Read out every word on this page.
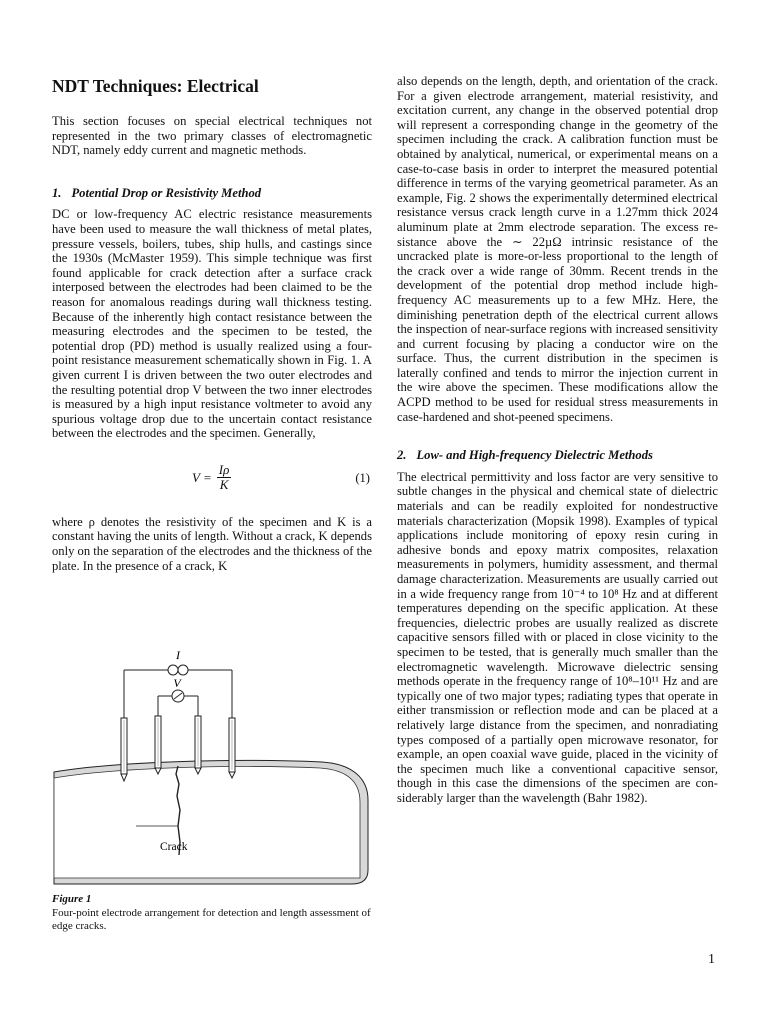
NDT Techniques: Electrical

This section focuses on special electrical techniques not represented in the two primary classes of electromagnetic NDT, namely eddy current and magnetic methods.

1. Potential Drop or Resistivity Method

DC or low-frequency AC electric resistance measurements have been used to measure the wall thickness of metal plates, pressure vessels, boilers, tubes, ship hulls, and castings since the 1930s (McMaster 1959). This simple technique was first found applicable for crack detection after a surface crack interposed between the electrodes had been claimed to be the reason for anomalous readings during wall thickness testing. Because of the inherently high contact resistance between the measuring electrodes and the specimen to be tested, the potential drop (PD) method is usually realized using a four-point resistance measurement schematically shown in Fig. 1. A given current I is driven between the two outer electrodes and the resulting potential drop V between the two inner electrodes is measured by a high input resistance voltmeter to avoid any spurious voltage drop due to the uncertain contact resistance between the electrodes and the specimen. Generally,

$V = \frac{I\rho}{K}$	(1)

where ρ denotes the resistivity of the specimen and K is a constant having the units of length. Without a crack, K depends only on the separation of the electrodes and the thickness of the plate. In the presence of a crack, K

I
V
Crack
Figure 1
Four-point electrode arrangement for detection and length assessment of edge cracks.

also depends on the length, depth, and orientation of the crack. For a given electrode arrangement, material resistivity, and excitation current, any change in the observed potential drop will represent a corresponding change in the geometry of the specimen including the crack. A calibration function must be obtained by analytical, numerical, or experimental means on a case-to-case basis in order to interpret the measured potential difference in terms of the varying geometrical parameter. As an example, Fig. 2 shows the experimentally determined electrical resistance versus crack length curve in a 1.27mm thick 2024 aluminum plate at 2mm electrode separation. The excess resistance above the ∼ 22µΩ intrinsic resistance of the uncracked plate is more-or-less proportional to the length of the crack over a wide range of 30mm. Recent trends in the development of the potential drop method include high-frequency AC measurements up to a few MHz. Here, the diminishing penetration depth of the electrical current allows the inspection of near-surface regions with increased sensitivity and current focusing by placing a conductor wire on the surface. Thus, the current distribution in the specimen is laterally confined and tends to mirror the injection current in the wire above the specimen. These modifications allow the ACPD method to be used for residual stress measurements in case-hardened and shot-peened specimens.

2. Low- and High-frequency Dielectric Methods

The electrical permittivity and loss factor are very sensitive to subtle changes in the physical and chemical state of dielectric materials and can be readily exploited for nondestructive materials characterization (Mopsik 1998). Examples of typical applications include monitoring of epoxy resin curing in adhesive bonds and epoxy matrix composites, relaxation measurements in polymers, humidity assessment, and thermal damage characterization. Measurements are usually carried out in a wide frequency range from 10⁻⁴ to 10⁸ Hz and at different temperatures depending on the specific application. At these frequencies, dielectric probes are usually realized as discrete capacitive sensors filled with or placed in close vicinity to the specimen to be tested, that is generally much smaller than the electromagnetic wavelength. Microwave dielectric sensing methods operate in the frequency range of 10⁸–10¹¹ Hz and are typically one of two major types; radiating types that operate in either transmission or reflection mode and can be placed at a relatively large distance from the specimen, and nonradiating types composed of a partially open microwave resonator, for example, an open coaxial wave guide, placed in the vicinity of the specimen much like a conventional capacitive sensor, though in this case the dimensions of the specimen are considerably larger than the wavelength (Bahr 1982).

1
